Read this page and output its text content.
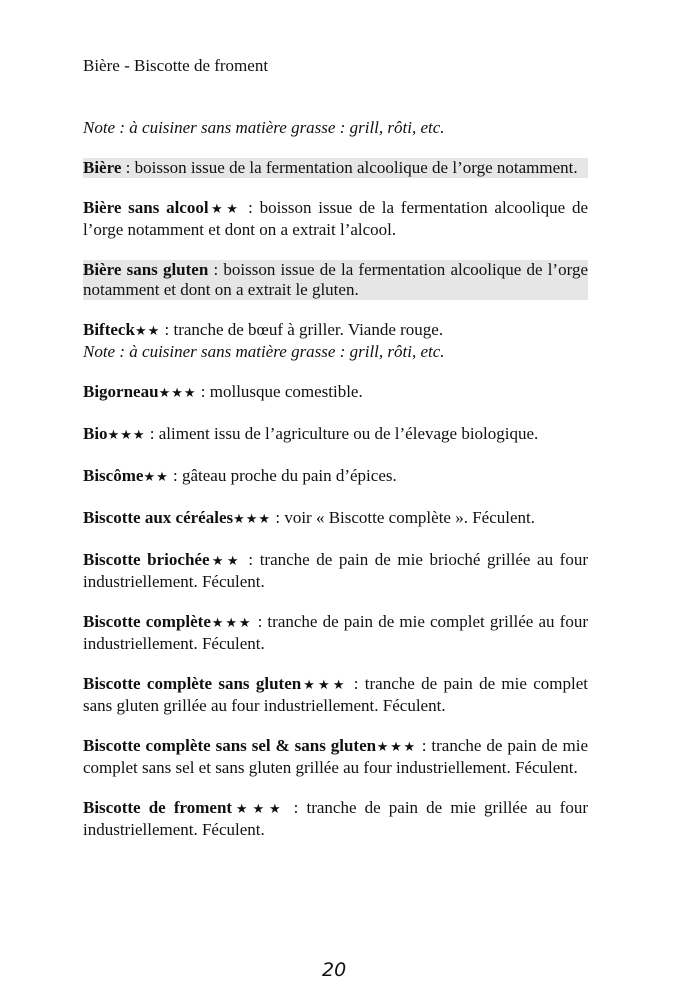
Bière - Biscotte de froment
Note : à cuisiner sans matière grasse : grill, rôti, etc.

Bière : boisson issue de la fermentation alcoolique de l’orge notamment.

Bière sans alcool★★ : boisson issue de la fermentation alcoolique de l’orge notamment et dont on a extrait l’alcool.

Bière sans gluten : boisson issue de la fermentation alcoolique de l’orge notamment et dont on a extrait le gluten.

Bifteck★★ : tranche de bœuf à griller. Viande rouge.
Note : à cuisiner sans matière grasse : grill, rôti, etc.

Bigorneau★★★ : mollusque comestible.

Bio★★★ : aliment issu de l’agriculture ou de l’élevage biologique.

Biscôme★★ : gâteau proche du pain d’épices.

Biscotte aux céréales★★★ : voir « Biscotte complète ». Féculent.

Biscotte briochée★★ : tranche de pain de mie brioché grillée au four industriellement. Féculent.

Biscotte complète★★★ : tranche de pain de mie complet grillée au four industriellement. Féculent.

Biscotte complète sans gluten★★★ : tranche de pain de mie complet sans gluten grillée au four industriellement. Féculent.

Biscotte complète sans sel & sans gluten★★★ : tranche de pain de mie complet sans sel et sans gluten grillée au four industriellement. Féculent.

Biscotte de froment★★★ : tranche de pain de mie grillée au four industriellement. Féculent.

20
